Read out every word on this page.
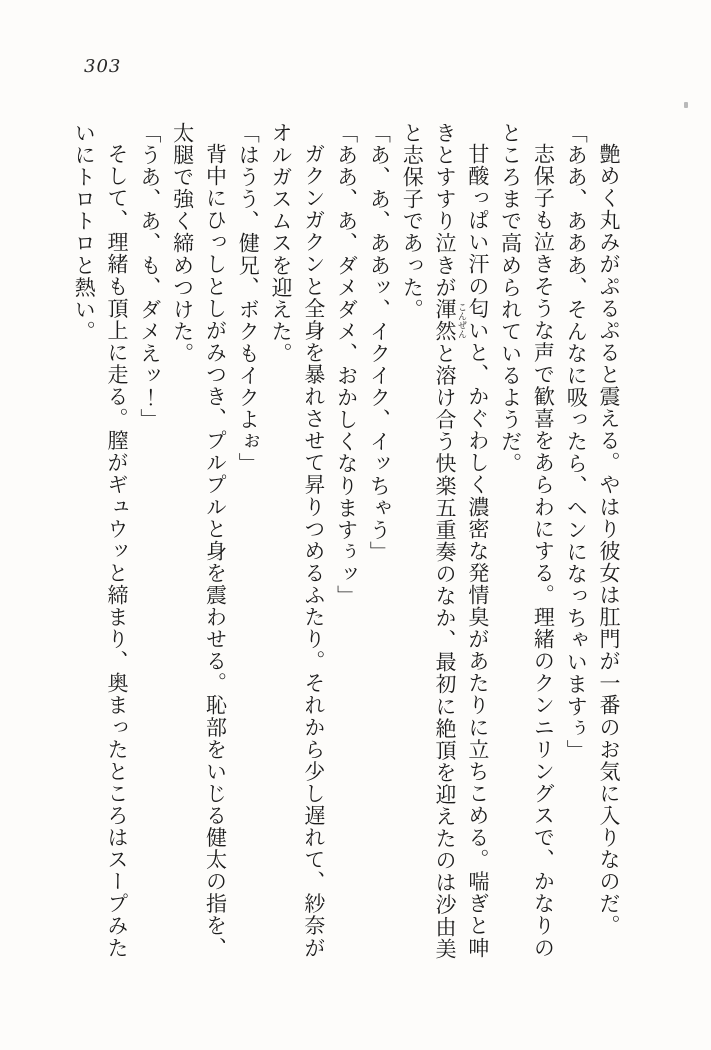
303

艶めく丸みがぷるぷると震える。やはり彼女は肛門が一番のお気に入りなのだ。

「ああ、あああ、そんなに吸ったら、ヘンになっちゃいますぅ」

志保子も泣きそうな声で歓喜をあらわにする。理緒のクンニリングスで、かなりのところまで高められているようだ。

甘酸っぱい汗の匂いと、かぐわしく濃密な発情臭があたりに立ちこめる。喘ぎと呻きとすすり泣きが渾然 こんぜんと溶け合う快楽五重奏のなか、最初に絶頂を迎えたのは沙由美と志保子であった。

「あ、あ、ああッ、イクイク、イッちゃう」

「ああ、あ、ダメダメ、おかしくなりますぅッ」

ガクンガクンと全身を暴れさせて昇りつめるふたり。それから少し遅れて、紗奈がオルガスムスを迎えた。

「はうう、健兄、ボクもイクよぉ」

背中にひっしとしがみつき、プルプルと身を震わせる。恥部をいじる健太の指を、太腿で強く締めつけた。

「うあ、あ、も、ダメえッ！」

そして、理緒も頂上に走る。膣がギュウッと締まり、奥まったところはスープみたいにトロトロと熱い。
